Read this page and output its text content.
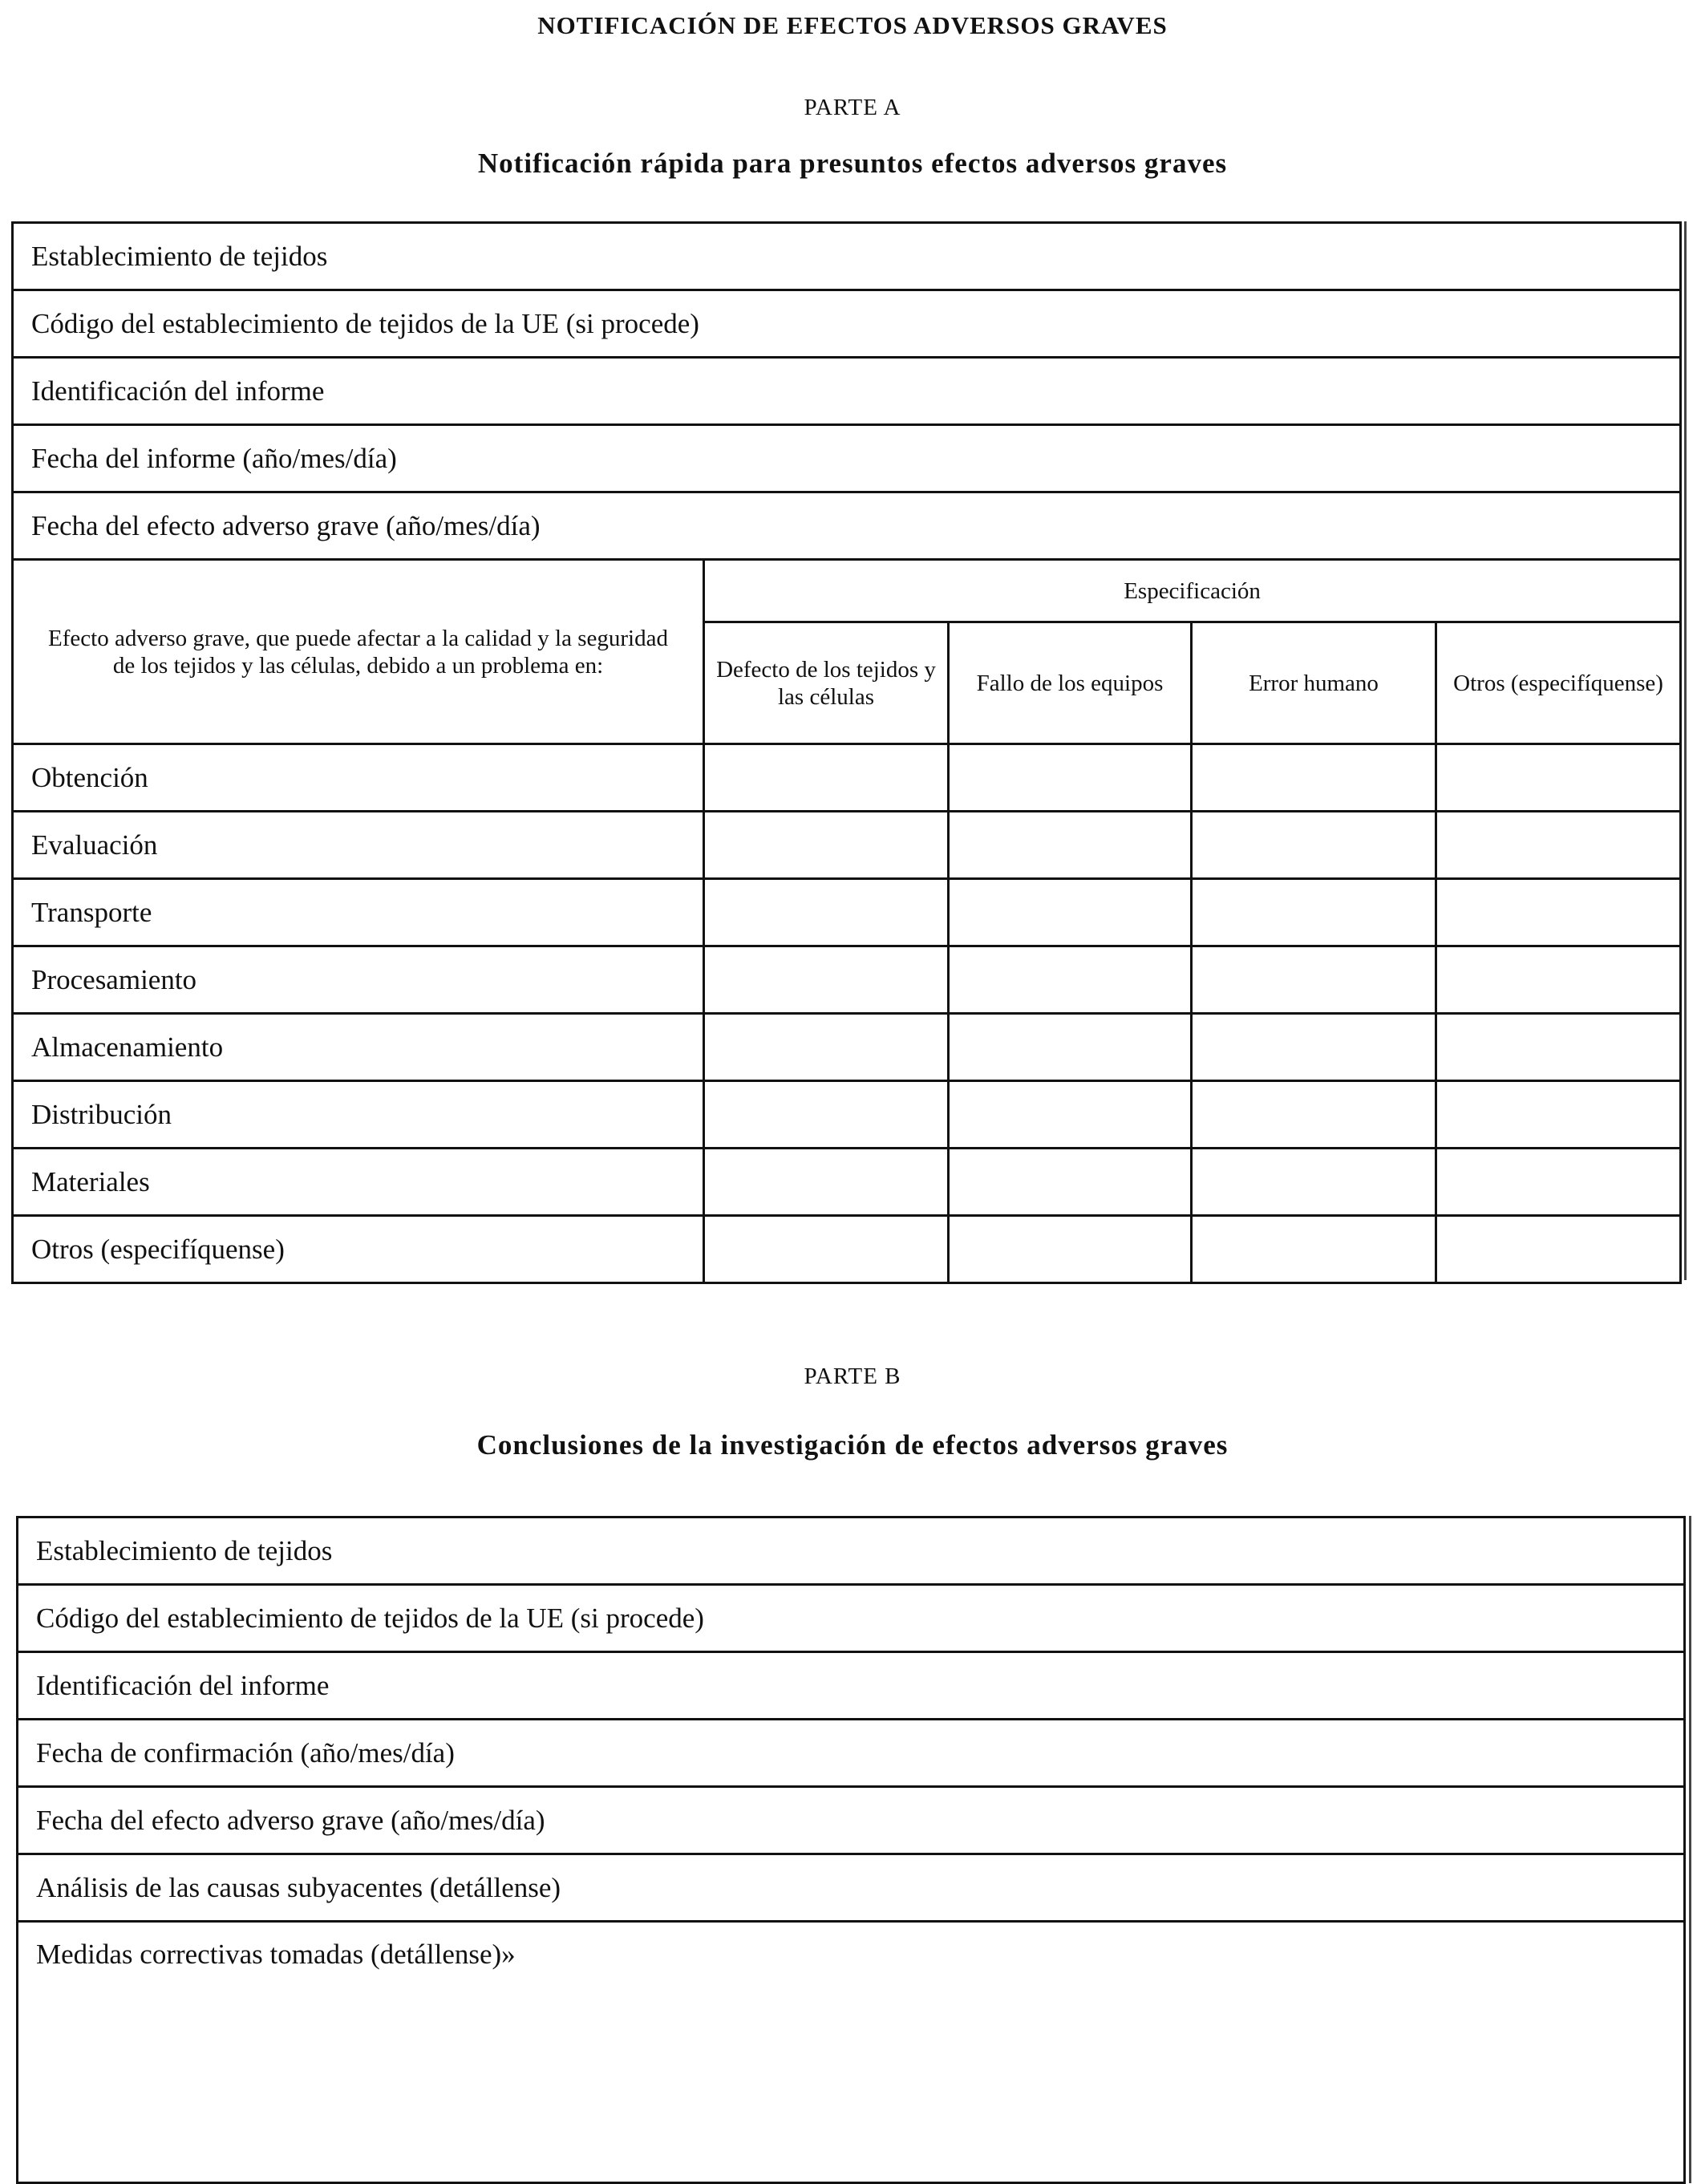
NOTIFICACIÓN DE EFECTOS ADVERSOS GRAVES
PARTE A
Notificación rápida para presuntos efectos adversos graves
Establecimiento de tejidos				
Código del establecimiento de tejidos de la UE (si procede)				
Identificación del informe				
Fecha del informe (año/mes/día)				
Fecha del efecto adverso grave (año/mes/día)				
Efecto adverso grave, que puede afectar a la calidad y la seguridad de los tejidos y las células, debido a un problema en:	Especificación			
	Defecto de los tejidos y las células	Fallo de los equipos	Error humano	Otros (especifíquense)
Obtención				
Evaluación				
Transporte				
Procesamiento				
Almacenamiento				
Distribución				
Materiales				
Otros (especifíquense)				
PARTE B
Conclusiones de la investigación de efectos adversos graves
Establecimiento de tejidos
Código del establecimiento de tejidos de la UE (si procede)
Identificación del informe
Fecha de confirmación (año/mes/día)
Fecha del efecto adverso grave (año/mes/día)
Análisis de las causas subyacentes (detállense)
Medidas correctivas tomadas (detállense)»
